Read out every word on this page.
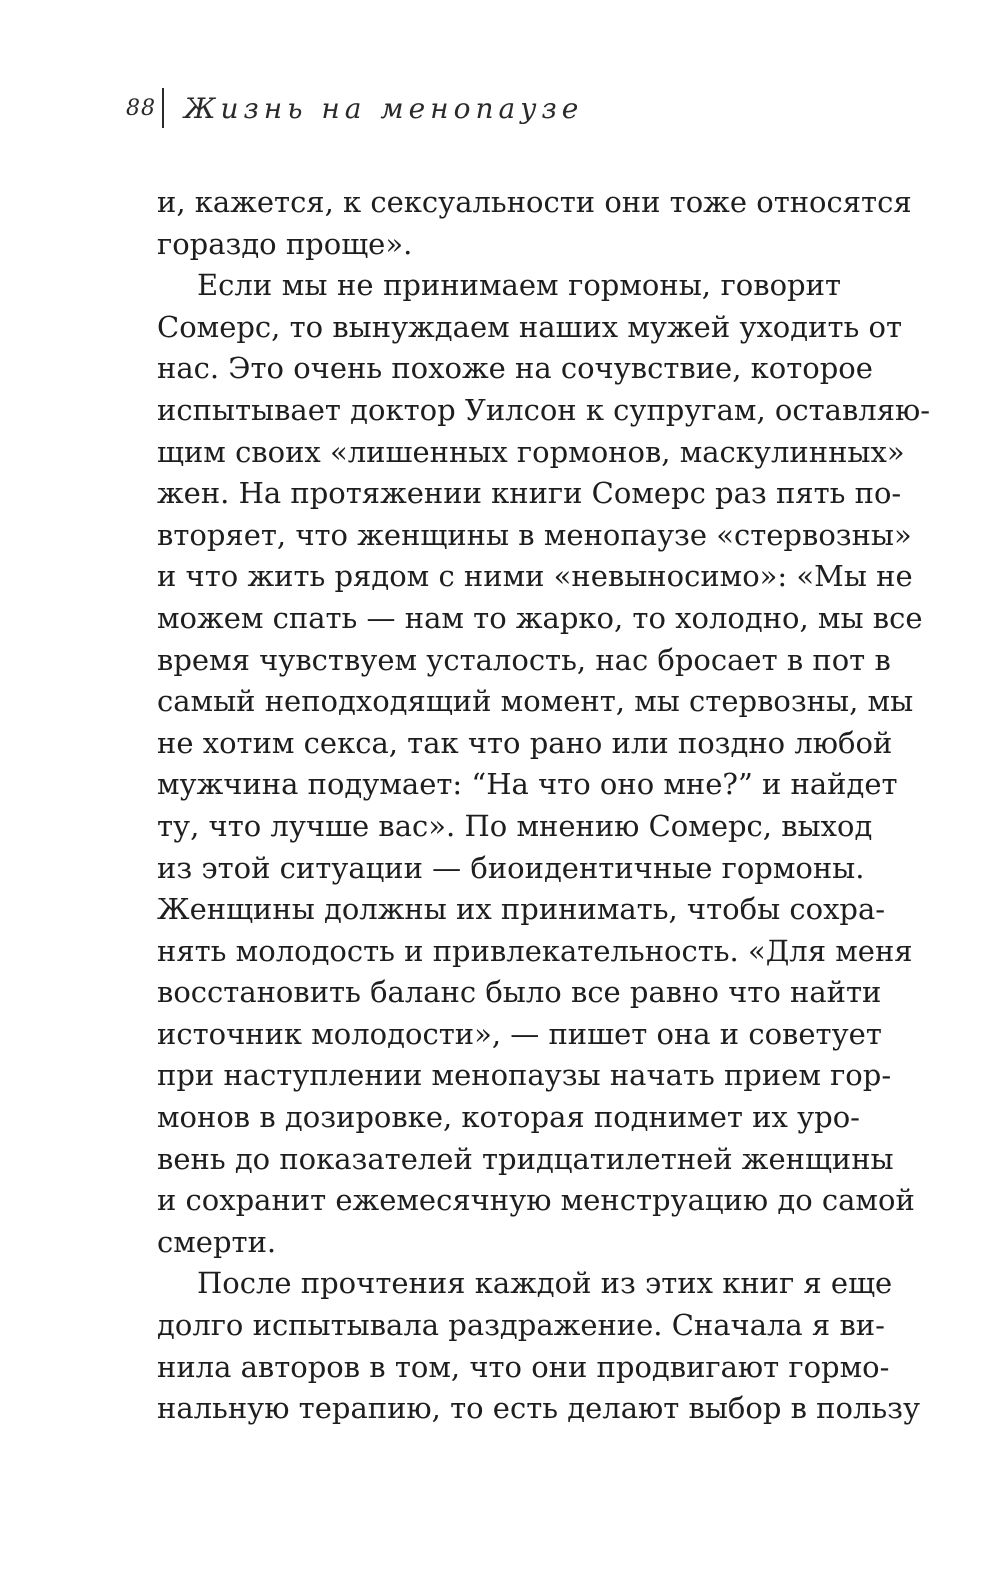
88 Жизнь на менопаузе
и, кажется, к сексуальности они тоже относятся
гораздо проще».
Если мы не принимаем гормоны, говорит
Сомерс, то вынуждаем наших мужей уходить от
нас. Это очень похоже на сочувствие, которое
испытывает доктор Уилсон к супругам, оставляю-
щим своих «лишенных гормонов, маскулинных»
жен. На протяжении книги Сомерс раз пять по-
вторяет, что женщины в менопаузе «стервозны»
и что жить рядом с ними «невыносимо»: «Мы не
можем спать — нам то жарко, то холодно, мы все
время чувствуем усталость, нас бросает в пот в
самый неподходящий момент, мы стервозны, мы
не хотим секса, так что рано или поздно любой
мужчина подумает: “На что оно мне?” и найдет
ту, что лучше вас». По мнению Сомерс, выход
из этой ситуации — биоидентичные гормоны.
Женщины должны их принимать, чтобы сохра-
нять молодость и привлекательность. «Для меня
восстановить баланс было все равно что найти
источник молодости», — пишет она и советует
при наступлении менопаузы начать прием гор-
монов в дозировке, которая поднимет их уро-
вень до показателей тридцатилетней женщины
и сохранит ежемесячную менструацию до самой
смерти.
После прочтения каждой из этих книг я еще
долго испытывала раздражение. Сначала я ви-
нила авторов в том, что они продвигают гормо-
нальную терапию, то есть делают выбор в пользу
